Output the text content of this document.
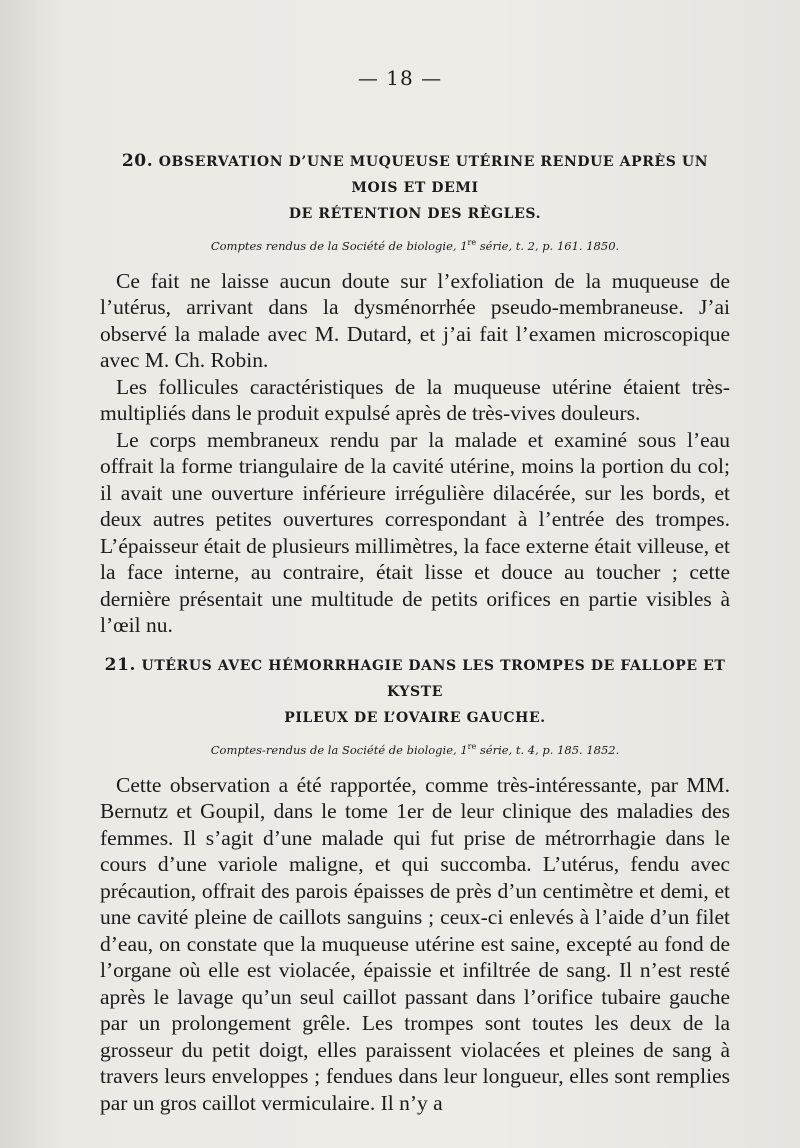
— 18 —
20. OBSERVATION D’UNE MUQUEUSE UTÉRINE RENDUE APRÈS UN MOIS ET DEMI
DE RÉTENTION DES RÈGLES.
Comptes rendus de la Société de biologie, 1re série, t. 2, p. 161. 1850.

Ce fait ne laisse aucun doute sur l’exfoliation de la muqueuse de l’utérus, arrivant dans la dysménorrhée pseudo-membraneuse. J’ai observé la malade avec M. Dutard, et j’ai fait l’examen microscopique avec M. Ch. Robin.

Les follicules caractéristiques de la muqueuse utérine étaient très-multipliés dans le produit expulsé après de très-vives douleurs.

Le corps membraneux rendu par la malade et examiné sous l’eau offrait la forme triangulaire de la cavité utérine, moins la portion du col; il avait une ouverture inférieure irrégulière dilacérée, sur les bords, et deux autres petites ouvertures correspondant à l’entrée des trompes. L’épaisseur était de plusieurs millimètres, la face externe était villeuse, et la face interne, au contraire, était lisse et douce au toucher ; cette dernière présentait une multitude de petits orifices en partie visibles à l’œil nu.

21. UTÉRUS AVEC HÉMORRHAGIE DANS LES TROMPES DE FALLOPE ET KYSTE
PILEUX DE L’OVAIRE GAUCHE.
Comptes-rendus de la Société de biologie, 1re série, t. 4, p. 185. 1852.

Cette observation a été rapportée, comme très-intéressante, par MM. Bernutz et Goupil, dans le tome 1er de leur clinique des maladies des femmes. Il s’agit d’une malade qui fut prise de métrorrhagie dans le cours d’une variole maligne, et qui succomba. L’utérus, fendu avec précaution, offrait des parois épaisses de près d’un centimètre et demi, et une cavité pleine de caillots sanguins ; ceux-ci enlevés à l’aide d’un filet d’eau, on constate que la muqueuse utérine est saine, excepté au fond de l’organe où elle est violacée, épaissie et infiltrée de sang. Il n’est resté après le lavage qu’un seul caillot passant dans l’orifice tubaire gauche par un prolongement grêle. Les trompes sont toutes les deux de la grosseur du petit doigt, elles paraissent violacées et pleines de sang à travers leurs enveloppes ; fendues dans leur longueur, elles sont remplies par un gros caillot vermiculaire. Il n’y a
